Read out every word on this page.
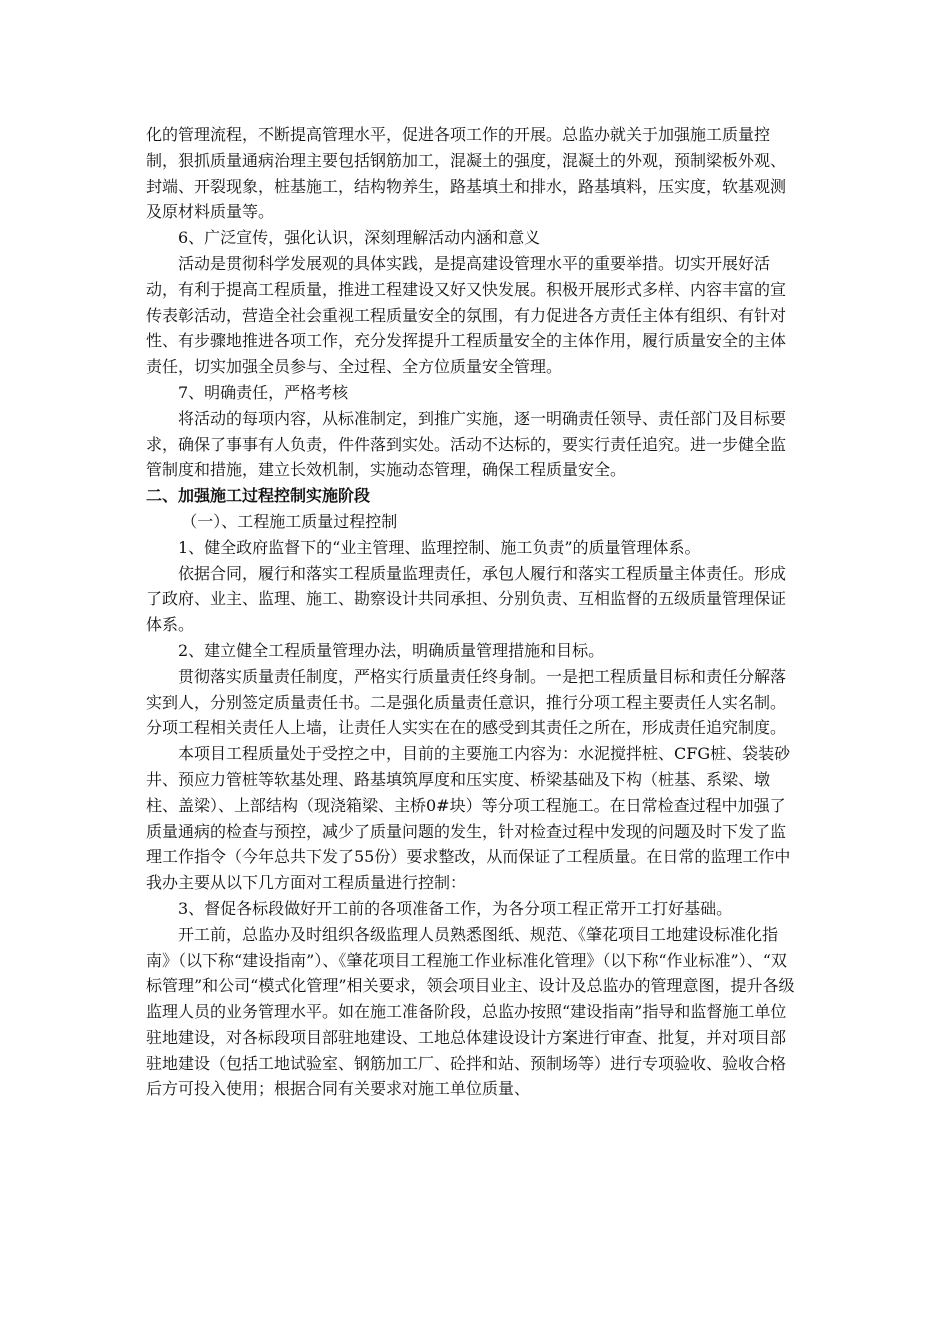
化的管理流程，不断提高管理水平，促进各项工作的开展。总监办就关于加强施工质量控制，狠抓质量通病治理主要包括钢筋加工，混凝土的强度，混凝土的外观，预制梁板外观、封端、开裂现象，桩基施工，结构物养生，路基填土和排水，路基填料，压实度，软基观测及原材料质量等。

6、广泛宣传，强化认识，深刻理解活动内涵和意义

活动是贯彻科学发展观的具体实践，是提高建设管理水平的重要举措。切实开展好活动，有利于提高工程质量，推进工程建设又好又快发展。积极开展形式多样、内容丰富的宣传表彰活动，营造全社会重视工程质量安全的氛围，有力促进各方责任主体有组织、有针对性、有步骤地推进各项工作，充分发挥提升工程质量安全的主体作用，履行质量安全的主体责任，切实加强全员参与、全过程、全方位质量安全管理。

7、明确责任，严格考核

将活动的每项内容，从标准制定，到推广实施，逐一明确责任领导、责任部门及目标要求，确保了事事有人负责，件件落到实处。活动不达标的，要实行责任追究。进一步健全监管制度和措施，建立长效机制，实施动态管理，确保工程质量安全。

二、加强施工过程控制实施阶段

（一）、工程施工质量过程控制

1、健全政府监督下的“业主管理、监理控制、施工负责”的质量管理体系。

依据合同，履行和落实工程质量监理责任，承包人履行和落实工程质量主体责任。形成了政府、业主、监理、施工、勘察设计共同承担、分别负责、互相监督的五级质量管理保证体系。

2、建立健全工程质量管理办法，明确质量管理措施和目标。

贯彻落实质量责任制度，严格实行质量责任终身制。一是把工程质量目标和责任分解落实到人，分别签定质量责任书。二是强化质量责任意识，推行分项工程主要责任人实名制。分项工程相关责任人上墙，让责任人实实在在的感受到其责任之所在，形成责任追究制度。

本项目工程质量处于受控之中，目前的主要施工内容为：水泥搅拌桩、CFG桩、袋装砂井、预应力管桩等软基处理、路基填筑厚度和压实度、桥梁基础及下构（桩基、系梁、墩柱、盖梁）、上部结构（现浇箱梁、主桥0#块）等分项工程施工。在日常检查过程中加强了质量通病的检查与预控，减少了质量问题的发生，针对检查过程中发现的问题及时下发了监理工作指令（今年总共下发了55份）要求整改，从而保证了工程质量。在日常的监理工作中我办主要从以下几方面对工程质量进行控制：

3、督促各标段做好开工前的各项准备工作，为各分项工程正常开工打好基础。

开工前，总监办及时组织各级监理人员熟悉图纸、规范、《肇花项目工地建设标准化指南》（以下称“建设指南”）、《肇花项目工程施工作业标准化管理》（以下称“作业标准”）、“双标管理”和公司“模式化管理”相关要求，领会项目业主、设计及总监办的管理意图，提升各级监理人员的业务管理水平。如在施工准备阶段，总监办按照“建设指南”指导和监督施工单位驻地建设，对各标段项目部驻地建设、工地总体建设设计方案进行审查、批复，并对项目部驻地建设（包括工地试验室、钢筋加工厂、砼拌和站、预制场等）进行专项验收、验收合格后方可投入使用；根据合同有关要求对施工单位质量、
